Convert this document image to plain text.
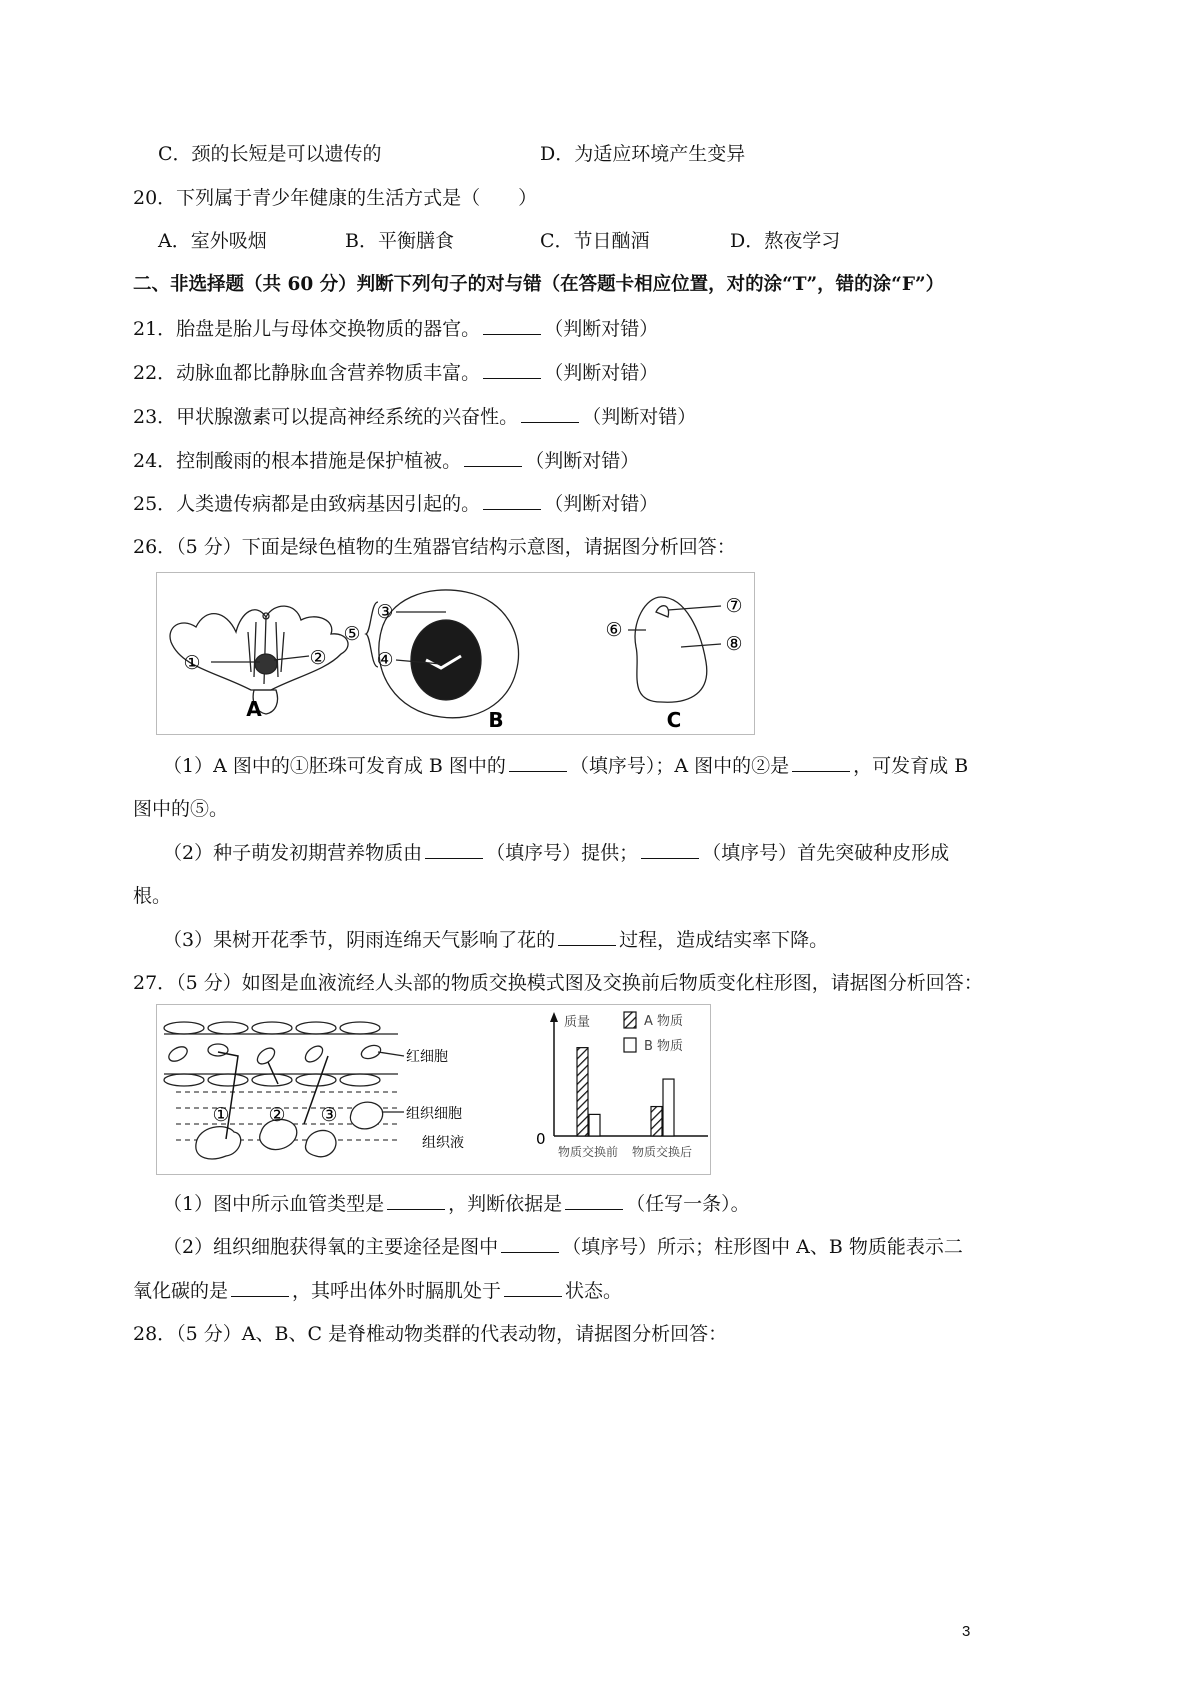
C．颈的长短是可以遗传的	D．为适应环境产生变异
20．下列属于青少年健康的生活方式是（　　）
A．室外吸烟	B．平衡膳食	C．节日酗酒	D．熬夜学习
二、非选择题（共 60 分）判断下列句子的对与错（在答题卡相应位置，对的涂“T”，错的涂“F”）
21．胎盘是胎儿与母体交换物质的器官。	（判断对错）
22．动脉血都比静脉血含营养物质丰富。	（判断对错）
23．甲状腺激素可以提高神经系统的兴奋性。	（判断对错）
24．控制酸雨的根本措施是保护植被。	（判断对错）
25．人类遗传病都是由致病基因引起的。	（判断对错）
26．（5 分）下面是绿色植物的生殖器官结构示意图，请据图分析回答：
①	②
A
③
④
⑤
B
⑥
⑦
⑧
C
（1）A 图中的①胚珠可发育成 B 图中的	（填序号）；A 图中的②是	，可发育成 B
图中的⑤。
（2）种子萌发初期营养物质由	（填序号）提供；	（填序号）首先突破种皮形成
根。
（3）果树开花季节，阴雨连绵天气影响了花的	过程，造成结实率下降。
27．（5 分）如图是血液流经人头部的物质交换模式图及交换前后物质变化柱形图，请据图分析回答：
① ② ③
红细胞
组织细胞
组织液
质量
0
A 物质
B 物质
物质交换前 物质交换后
（1）图中所示血管类型是	，判断依据是	（任写一条）。
（2）组织细胞获得氧的主要途径是图中	（填序号）所示；柱形图中 A、B 物质能表示二
氧化碳的是	，其呼出体外时膈肌处于	状态。
28．（5 分）A、B、C 是脊椎动物类群的代表动物，请据图分析回答：
3
